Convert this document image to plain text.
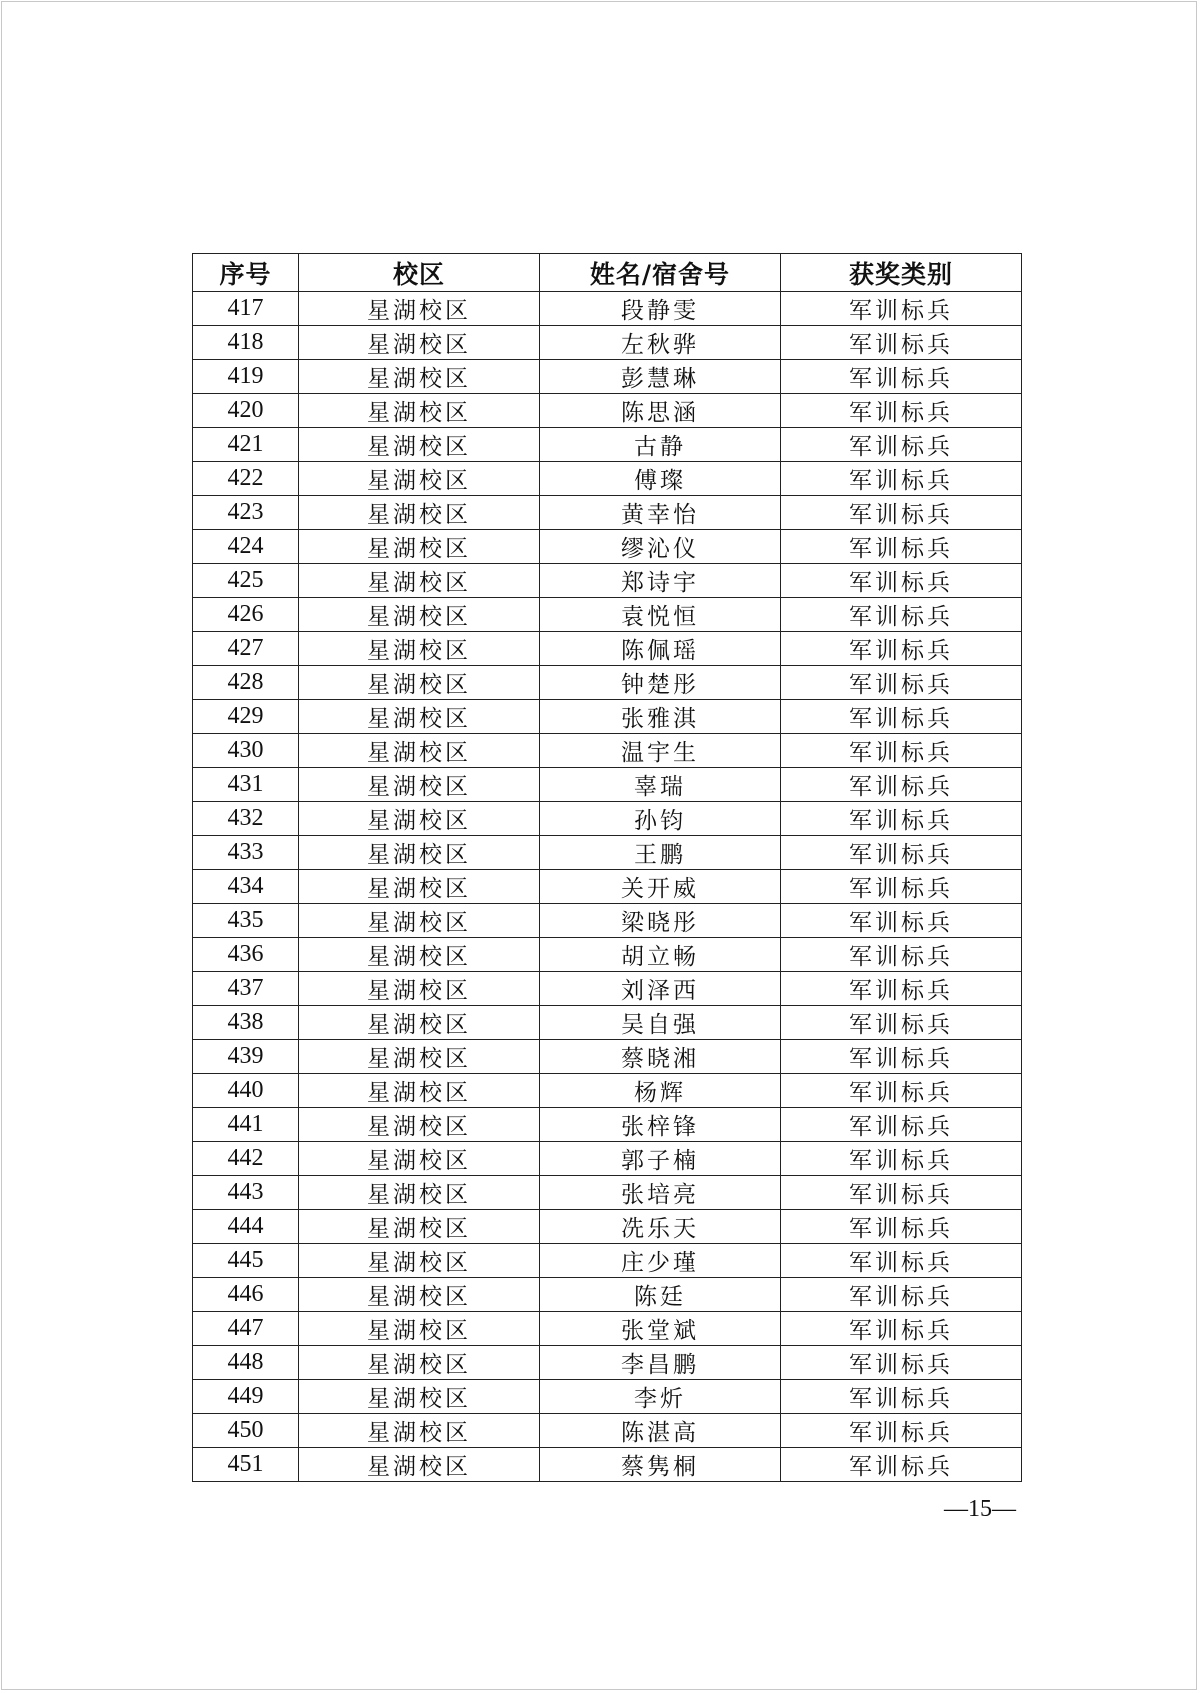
序号	校区	姓名/宿舍号	获奖类别
417	星湖校区	段静雯	军训标兵
418	星湖校区	左秋骅	军训标兵
419	星湖校区	彭慧琳	军训标兵
420	星湖校区	陈思涵	军训标兵
421	星湖校区	古静	军训标兵
422	星湖校区	傅璨	军训标兵
423	星湖校区	黄幸怡	军训标兵
424	星湖校区	缪沁仪	军训标兵
425	星湖校区	郑诗宇	军训标兵
426	星湖校区	袁悦恒	军训标兵
427	星湖校区	陈佩瑶	军训标兵
428	星湖校区	钟楚彤	军训标兵
429	星湖校区	张雅淇	军训标兵
430	星湖校区	温宇生	军训标兵
431	星湖校区	辜瑞	军训标兵
432	星湖校区	孙钧	军训标兵
433	星湖校区	王鹏	军训标兵
434	星湖校区	关开威	军训标兵
435	星湖校区	梁晓彤	军训标兵
436	星湖校区	胡立畅	军训标兵
437	星湖校区	刘泽西	军训标兵
438	星湖校区	吴自强	军训标兵
439	星湖校区	蔡晓湘	军训标兵
440	星湖校区	杨辉	军训标兵
441	星湖校区	张梓锋	军训标兵
442	星湖校区	郭子楠	军训标兵
443	星湖校区	张培亮	军训标兵
444	星湖校区	冼乐天	军训标兵
445	星湖校区	庄少瑾	军训标兵
446	星湖校区	陈廷	军训标兵
447	星湖校区	张堂斌	军训标兵
448	星湖校区	李昌鹏	军训标兵
449	星湖校区	李炘	军训标兵
450	星湖校区	陈湛高	军训标兵
451	星湖校区	蔡隽桐	军训标兵
—15—
